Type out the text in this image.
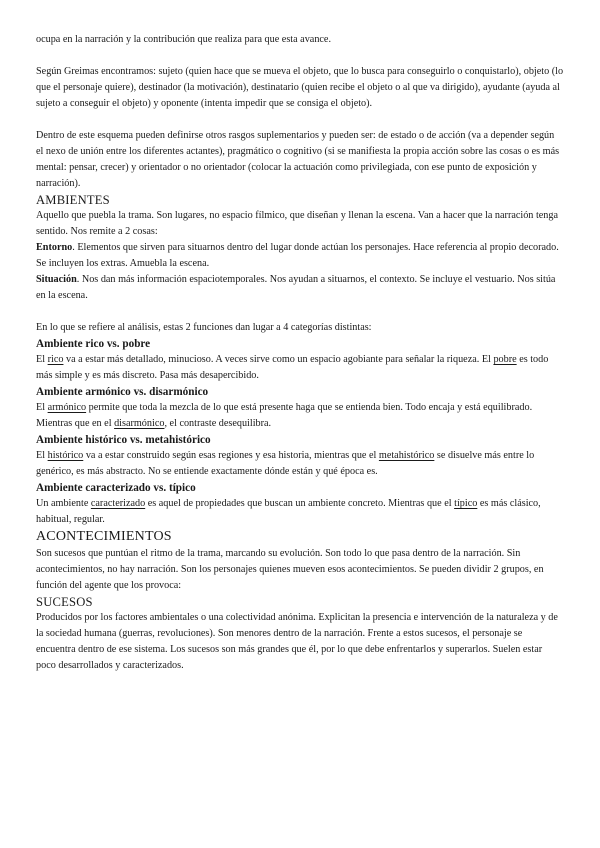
ocupa en la narración y la contribución que realiza para que esta avance.

Según Greimas encontramos: sujeto (quien hace que se mueva el objeto, que lo busca para conseguirlo o conquistarlo), objeto (lo que el personaje quiere), destinador (la motivación), destinatario (quien recibe el objeto o al que va dirigido), ayudante (ayuda al sujeto a conseguir el objeto) y oponente (intenta impedir que se consiga el objeto).

Dentro de este esquema pueden definirse otros rasgos suplementarios y pueden ser: de estado o de acción (va a depender según el nexo de unión entre los diferentes actantes), pragmático o cognitivo (si se manifiesta la propia acción sobre las cosas o es más mental: pensar, crecer) y orientador o no orientador (colocar la actuación como privilegiada, con ese punto de exposición y narración).

AMBIENTES

Aquello que puebla la trama. Son lugares, no espacio fílmico, que diseñan y llenan la escena. Van a hacer que la narración tenga sentido. Nos remite a 2 cosas:

Entorno. Elementos que sirven para situarnos dentro del lugar donde actúan los personajes. Hace referencia al propio decorado. Se incluyen los extras. Amuebla la escena.

Situación. Nos dan más información espaciotemporales. Nos ayudan a situarnos, el contexto. Se incluye el vestuario. Nos sitúa en la escena.

En lo que se refiere al análisis, estas 2 funciones dan lugar a 4 categorías distintas:

Ambiente rico vs. pobre

El rico va a estar más detallado, minucioso. A veces sirve como un espacio agobiante para señalar la riqueza. El pobre es todo más simple y es más discreto. Pasa más desapercibido.

Ambiente armónico vs. disarmónico

El armónico permite que toda la mezcla de lo que está presente haga que se entienda bien. Todo encaja y está equilibrado. Mientras que en el disarmónico, el contraste desequilibra.

Ambiente histórico vs. metahistórico

El histórico va a estar construido según esas regiones y esa historia, mientras que el metahistórico se disuelve más entre lo genérico, es más abstracto. No se entiende exactamente dónde están y qué época es.

Ambiente caracterizado vs. típico

Un ambiente caracterizado es aquel de propiedades que buscan un ambiente concreto. Mientras que el típico es más clásico, habitual, regular.

ACONTECIMIENTOS

Son sucesos que puntúan el ritmo de la trama, marcando su evolución. Son todo lo que pasa dentro de la narración. Sin acontecimientos, no hay narración. Son los personajes quienes mueven esos acontecimientos. Se pueden dividir 2 grupos, en función del agente que los provoca:

SUCESOS

Producidos por los factores ambientales o una colectividad anónima. Explicitan la presencia e intervención de la naturaleza y de la sociedad humana (guerras, revoluciones). Son menores dentro de la narración. Frente a estos sucesos, el personaje se encuentra dentro de ese sistema. Los sucesos son más grandes que él, por lo que debe enfrentarlos y superarlos. Suelen estar poco desarrollados y caracterizados.
